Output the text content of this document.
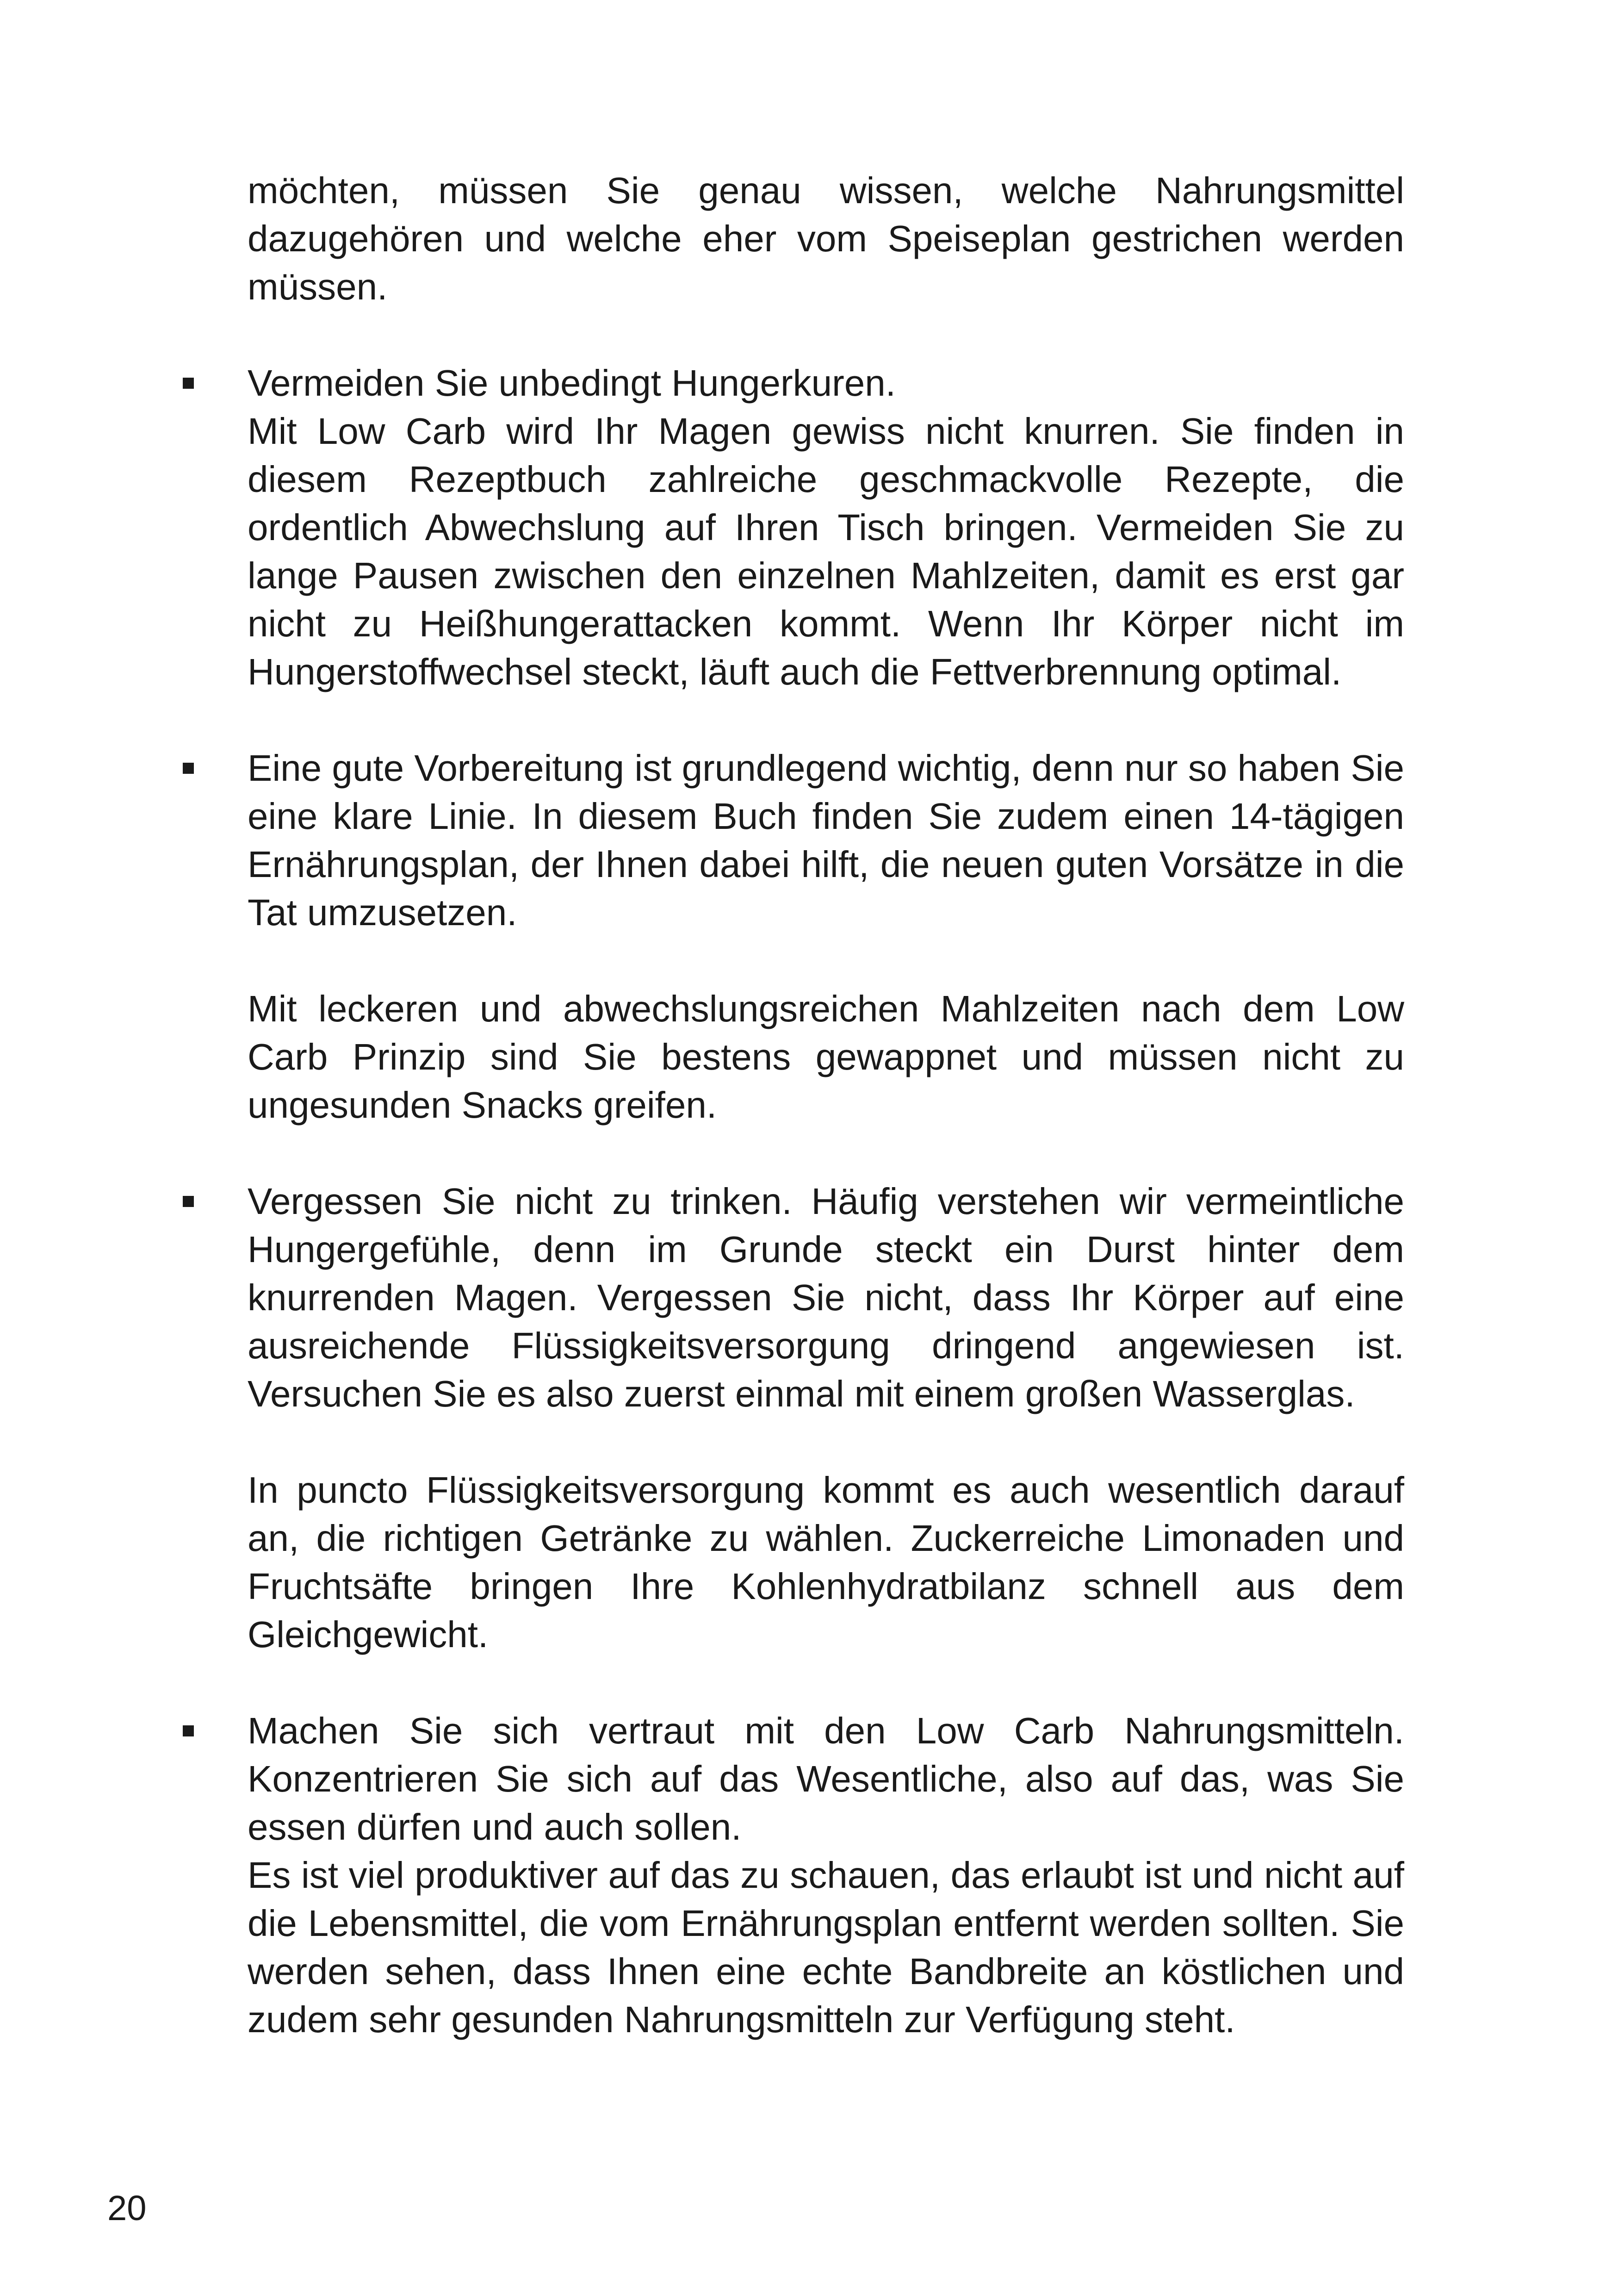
möchten, müssen Sie genau wissen, welche Nahrungsmittel dazugehören und welche eher vom Speiseplan gestrichen werden müssen.

Vermeiden Sie unbedingt Hungerkuren.

Mit Low Carb wird Ihr Magen gewiss nicht knurren. Sie finden in diesem Rezeptbuch zahlreiche geschmackvolle Rezepte, die ordentlich Abwechslung auf Ihren Tisch bringen. Vermeiden Sie zu lange Pausen zwischen den einzelnen Mahlzeiten, damit es erst gar nicht zu Heißhungerattacken kommt. Wenn Ihr Körper nicht im Hungerstoffwechsel steckt, läuft auch die Fettverbrennung optimal.

Eine gute Vorbereitung ist grundlegend wichtig, denn nur so haben Sie eine klare Linie. In diesem Buch finden Sie zudem einen 14-tägigen Ernährungsplan, der Ihnen dabei hilft, die neuen guten Vorsätze in die Tat umzusetzen.

Mit leckeren und abwechslungsreichen Mahlzeiten nach dem Low Carb Prinzip sind Sie bestens gewappnet und müssen nicht zu ungesunden Snacks greifen.

Vergessen Sie nicht zu trinken. Häufig verstehen wir vermeintliche Hungergefühle, denn im Grunde steckt ein Durst hinter dem knurrenden Magen. Vergessen Sie nicht, dass Ihr Körper auf eine ausreichende Flüssigkeitsversorgung dringend angewiesen ist. Versuchen Sie es also zuerst einmal mit einem großen Wasserglas.

In puncto Flüssigkeitsversorgung kommt es auch wesentlich darauf an, die richtigen Getränke zu wählen. Zuckerreiche Limonaden und Fruchtsäfte bringen Ihre Kohlenhydratbilanz schnell aus dem Gleichgewicht.

Machen Sie sich vertraut mit den Low Carb Nahrungsmitteln. Konzentrieren Sie sich auf das Wesentliche, also auf das, was Sie essen dürfen und auch sollen.

Es ist viel produktiver auf das zu schauen, das erlaubt ist und nicht auf die Lebensmittel, die vom Ernährungsplan entfernt werden sollten. Sie werden sehen, dass Ihnen eine echte Bandbreite an köstlichen und zudem sehr gesunden Nahrungsmitteln zur Verfügung steht.

20
